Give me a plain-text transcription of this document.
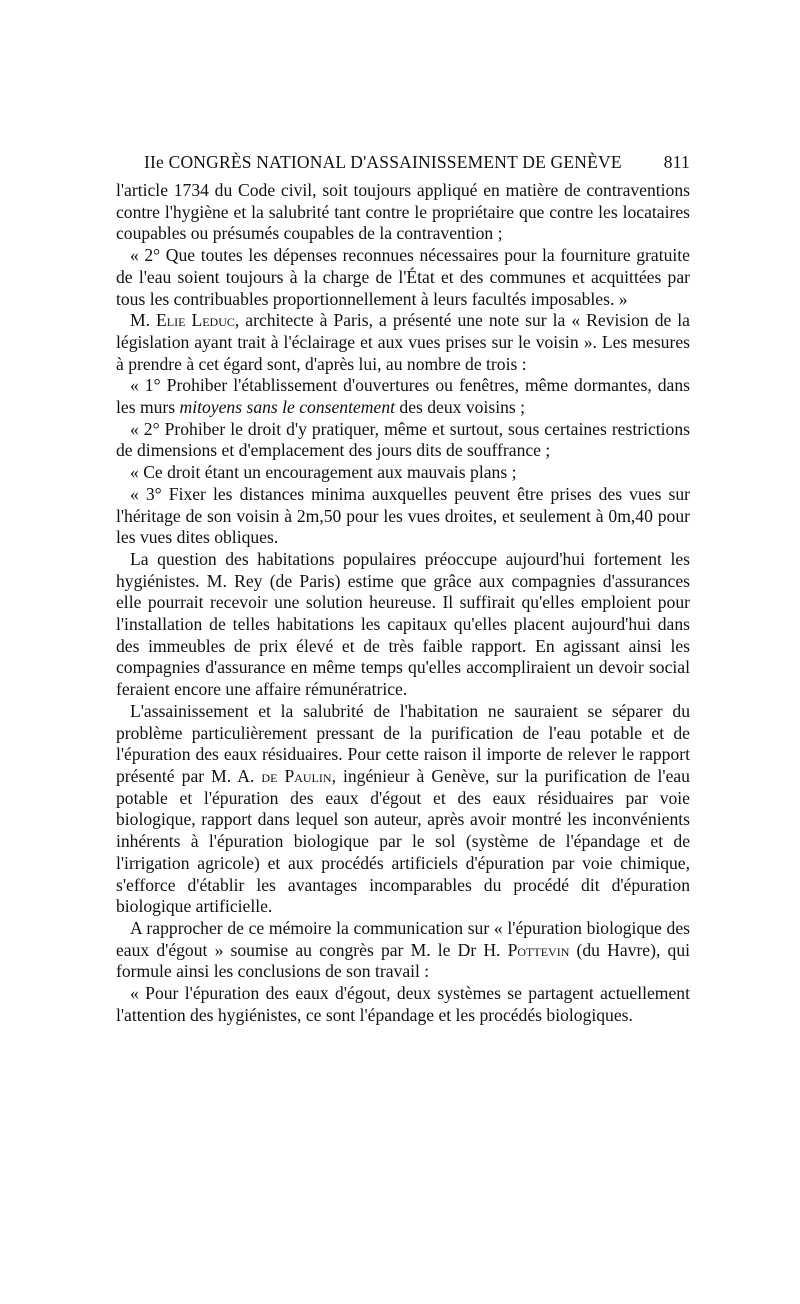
IIe CONGRÈS NATIONAL D'ASSAINISSEMENT DE GENÈVE 811

l'article 1734 du Code civil, soit toujours appliqué en matière de contraventions contre l'hygiène et la salubrité tant contre le propriétaire que contre les locataires coupables ou présumés coupables de la contravention ;

« 2° Que toutes les dépenses reconnues nécessaires pour la fourniture gratuite de l'eau soient toujours à la charge de l'État et des communes et acquittées par tous les contribuables proportionnellement à leurs facultés imposables. »

M. Elie Leduc, architecte à Paris, a présenté une note sur la « Revision de la législation ayant trait à l'éclairage et aux vues prises sur le voisin ». Les mesures à prendre à cet égard sont, d'après lui, au nombre de trois :

« 1° Prohiber l'établissement d'ouvertures ou fenêtres, même dormantes, dans les murs mitoyens sans le consentement des deux voisins ;

« 2° Prohiber le droit d'y pratiquer, même et surtout, sous certaines restrictions de dimensions et d'emplacement des jours dits de souffrance ;

« Ce droit étant un encouragement aux mauvais plans ;

« 3° Fixer les distances minima auxquelles peuvent être prises des vues sur l'héritage de son voisin à 2m,50 pour les vues droites, et seulement à 0m,40 pour les vues dites obliques.

La question des habitations populaires préoccupe aujourd'hui fortement les hygiénistes. M. Rey (de Paris) estime que grâce aux compagnies d'assurances elle pourrait recevoir une solution heureuse. Il suffirait qu'elles emploient pour l'installation de telles habitations les capitaux qu'elles placent aujourd'hui dans des immeubles de prix élevé et de très faible rapport. En agissant ainsi les compagnies d'assurance en même temps qu'elles accompliraient un devoir social feraient encore une affaire rémunératrice.

L'assainissement et la salubrité de l'habitation ne sauraient se séparer du problème particulièrement pressant de la purification de l'eau potable et de l'épuration des eaux résiduaires. Pour cette raison il importe de relever le rapport présenté par M. A. de Paulin, ingénieur à Genève, sur la purification de l'eau potable et l'épuration des eaux d'égout et des eaux résiduaires par voie biologique, rapport dans lequel son auteur, après avoir montré les inconvénients inhérents à l'épuration biologique par le sol (système de l'épandage et de l'irrigation agricole) et aux procédés artificiels d'épuration par voie chimique, s'efforce d'établir les avantages incomparables du procédé dit d'épuration biologique artificielle.

A rapprocher de ce mémoire la communication sur « l'épuration biologique des eaux d'égout » soumise au congrès par M. le Dr H. Pottevin (du Havre), qui formule ainsi les conclusions de son travail :

« Pour l'épuration des eaux d'égout, deux systèmes se partagent actuellement l'attention des hygiénistes, ce sont l'épandage et les procédés biologiques.
